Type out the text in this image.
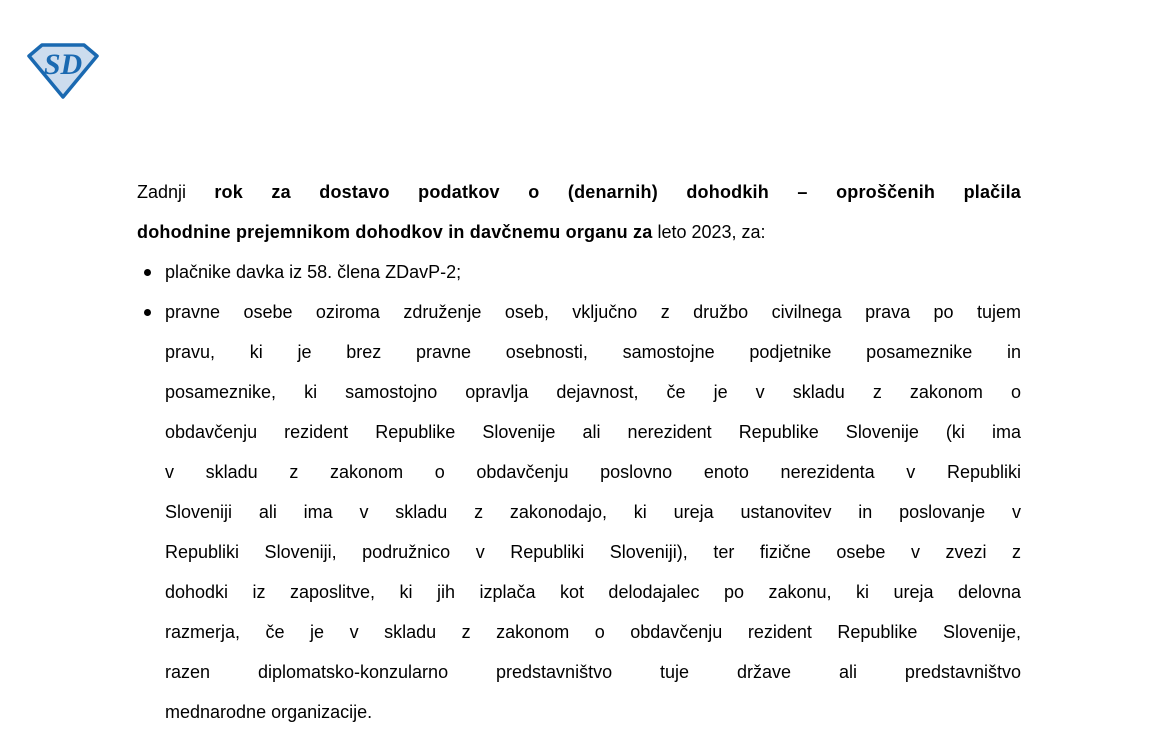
SD
Zadnji rok za dostavo podatkov o (denarnih) dohodkih – oproščenih plačila
dohodnine prejemnikom dohodkov in davčnemu organu za leto 2023, za:
plačnike davka iz 58. člena ZDavP-2;
pravne osebe oziroma združenje oseb, vključno z družbo civilnega prava po tujem
pravu, ki je brez pravne osebnosti, samostojne podjetnike posameznike in
posameznike, ki samostojno opravlja dejavnost, če je v skladu z zakonom o
obdavčenju rezident Republike Slovenije ali nerezident Republike Slovenije (ki ima
v skladu z zakonom o obdavčenju poslovno enoto nerezidenta v Republiki
Sloveniji ali ima v skladu z zakonodajo, ki ureja ustanovitev in poslovanje v
Republiki Sloveniji, podružnico v Republiki Sloveniji), ter fizične osebe v zvezi z
dohodki iz zaposlitve, ki jih izplača kot delodajalec po zakonu, ki ureja delovna
razmerja, če je v skladu z zakonom o obdavčenju rezident Republike Slovenije,
razen diplomatsko-konzularno predstavništvo tuje države ali predstavništvo
mednarodne organizacije.
